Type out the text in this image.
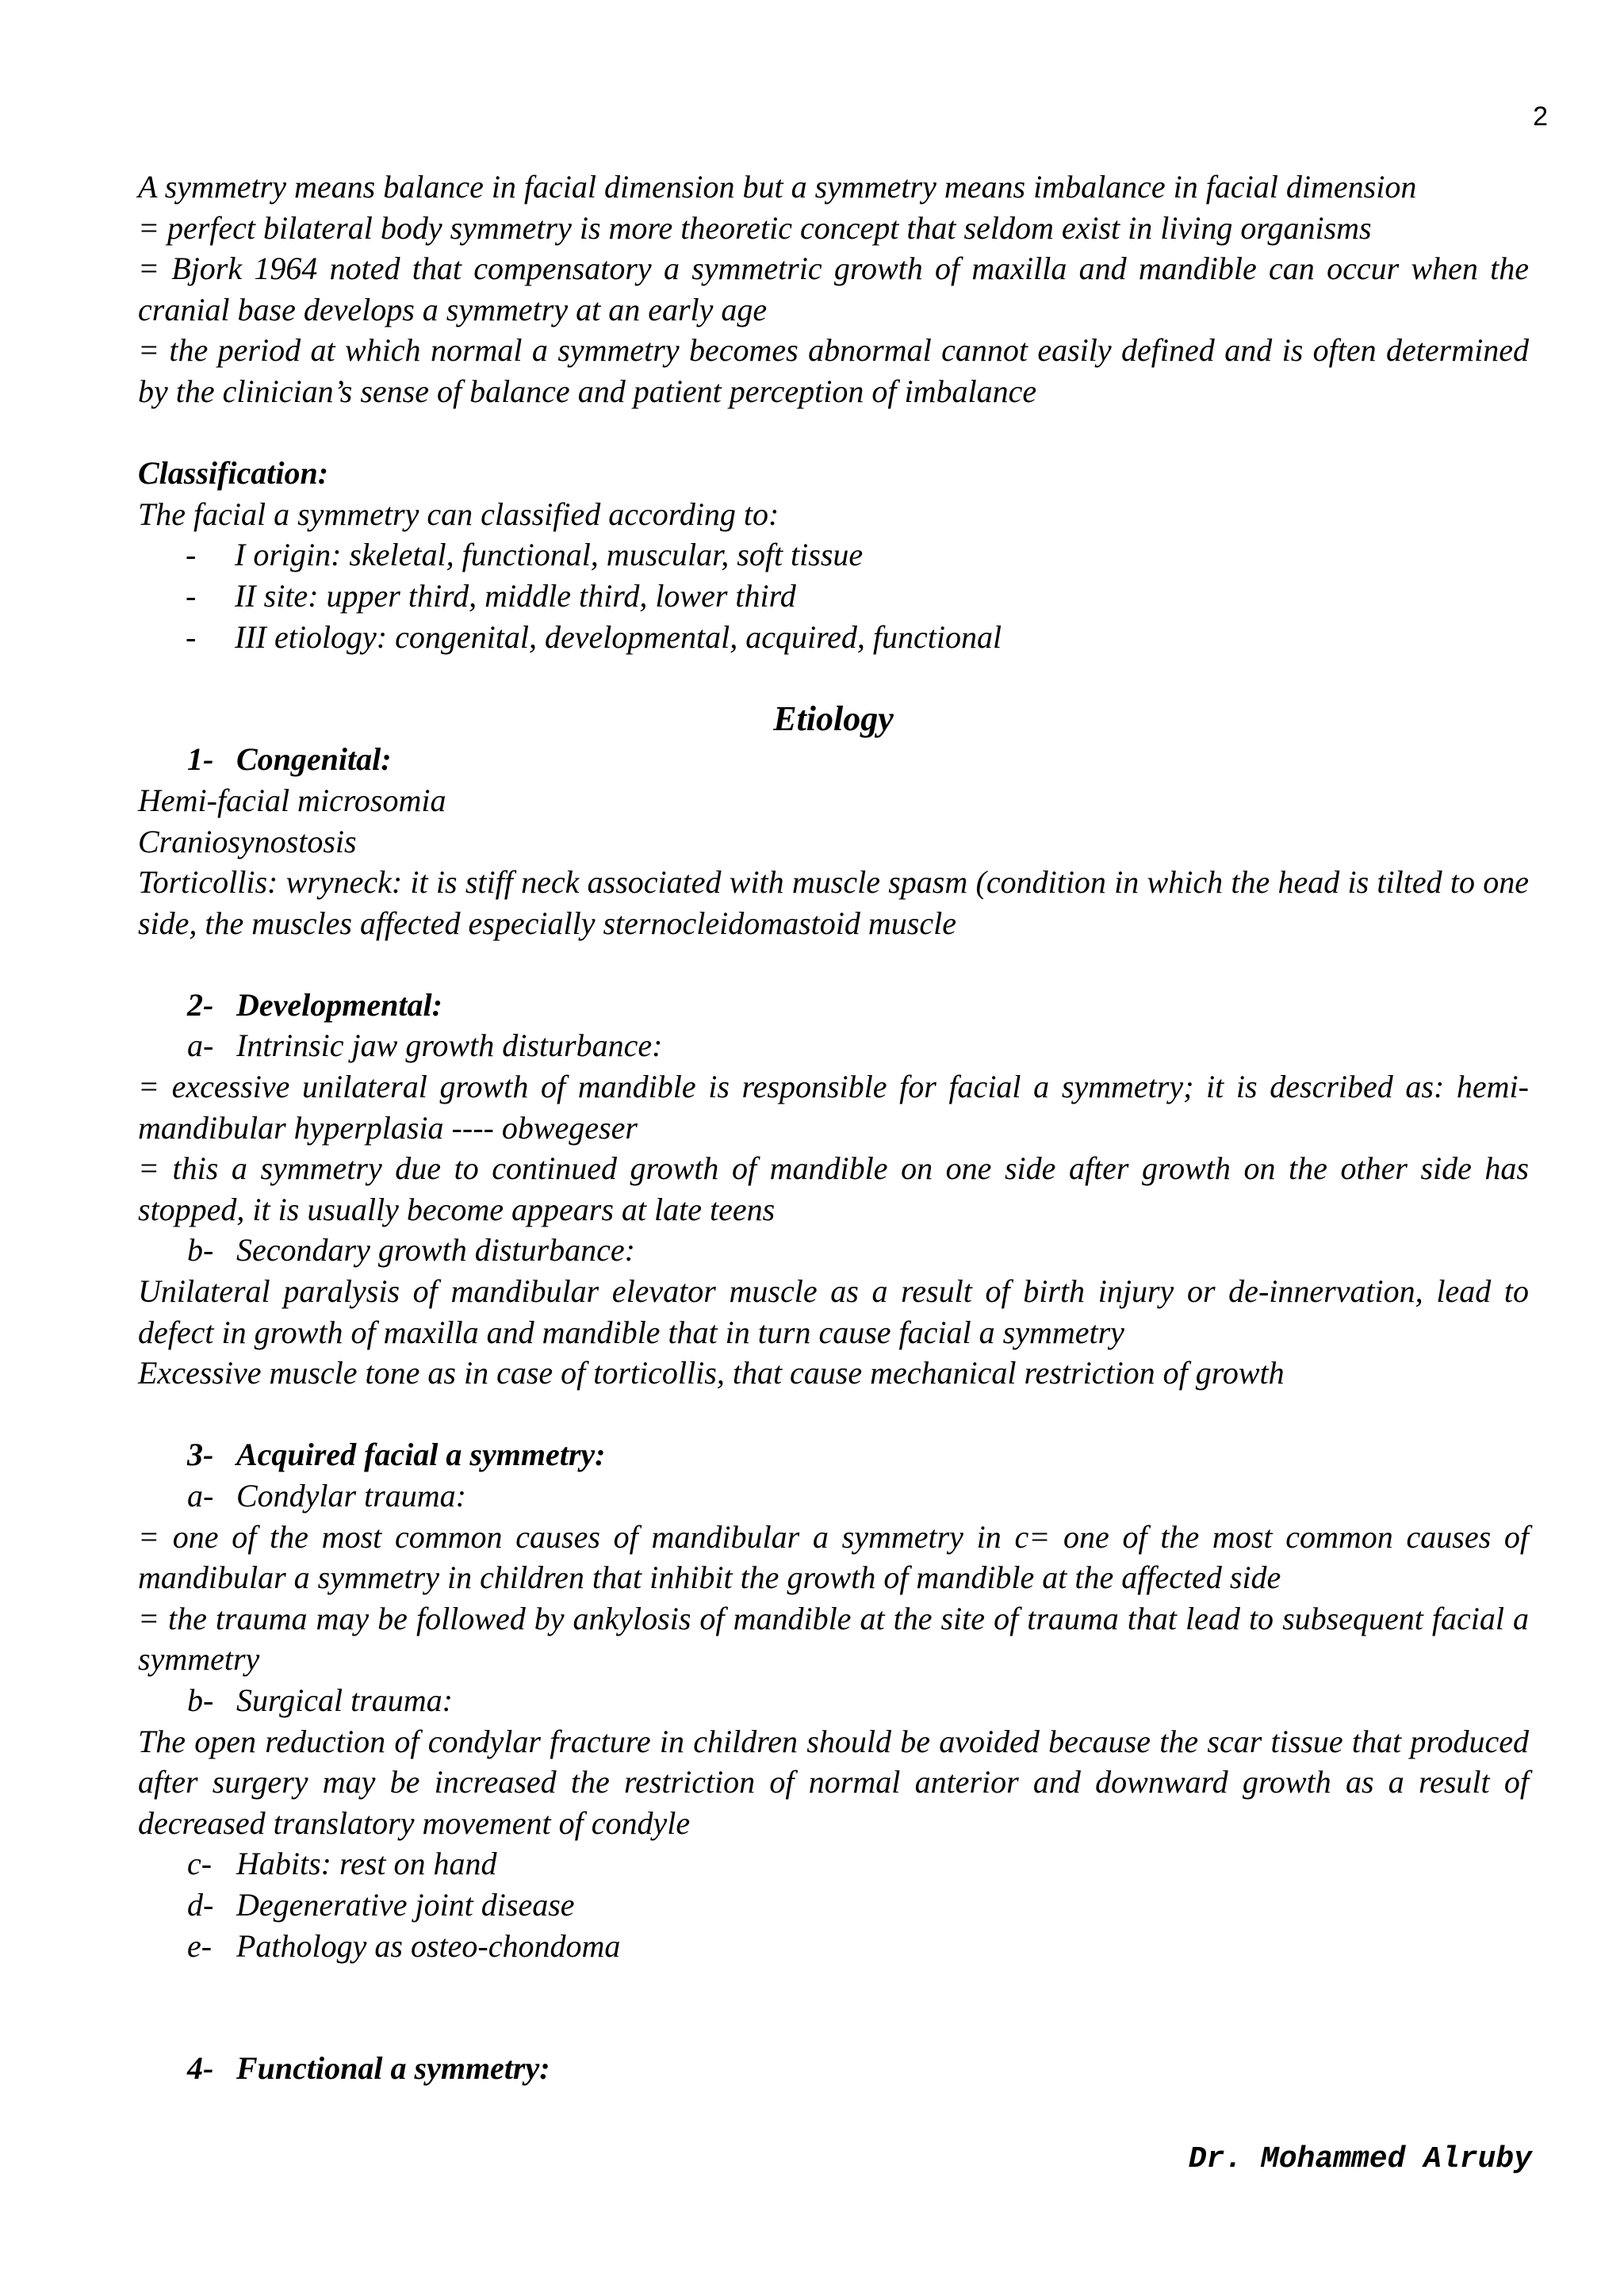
2

A symmetry means balance in facial dimension but a symmetry means imbalance in facial dimension

= perfect bilateral body symmetry is more theoretic concept that seldom exist in living organisms

= Bjork 1964 noted that compensatory a symmetric growth of maxilla and mandible can occur when the cranial base develops a symmetry at an early age

= the period at which normal a symmetry becomes abnormal cannot easily defined and is often determined by the clinician’s sense of balance and patient perception of imbalance

Classification:

The facial a symmetry can classified according to:

- I origin: skeletal, functional, muscular, soft tissue
- II site: upper third, middle third, lower third
- III etiology: congenital, developmental, acquired, functional

Etiology

1- Congenital:

Hemi-facial microsomia

Craniosynostosis

Torticollis: wryneck: it is stiff neck associated with muscle spasm (condition in which the head is tilted to one side, the muscles affected especially sternocleidomastoid muscle

2- Developmental:
a- Intrinsic jaw growth disturbance:

= excessive unilateral growth of mandible is responsible for facial a symmetry; it is described as: hemi-mandibular hyperplasia ---- obwegeser

= this a symmetry due to continued growth of mandible on one side after growth on the other side has stopped, it is usually become appears at late teens

b- Secondary growth disturbance:

Unilateral paralysis of mandibular elevator muscle as a result of birth injury or de-innervation, lead to defect in growth of maxilla and mandible that in turn cause facial a symmetry

Excessive muscle tone as in case of torticollis, that cause mechanical restriction of growth

3- Acquired facial a symmetry:
a- Condylar trauma:

= one of the most common causes of mandibular a symmetry in c= one of the most common causes of mandibular a symmetry in children that inhibit the growth of mandible at the affected side

= the trauma may be followed by ankylosis of mandible at the site of trauma that lead to subsequent facial a symmetry

b- Surgical trauma:

The open reduction of condylar fracture in children should be avoided because the scar tissue that produced after surgery may be increased the restriction of normal anterior and downward growth as a result of decreased translatory movement of condyle

c- Habits: rest on hand
d- Degenerative joint disease
e- Pathology as osteo-chondoma
4- Functional a symmetry:
Dr. Mohammed Alruby
